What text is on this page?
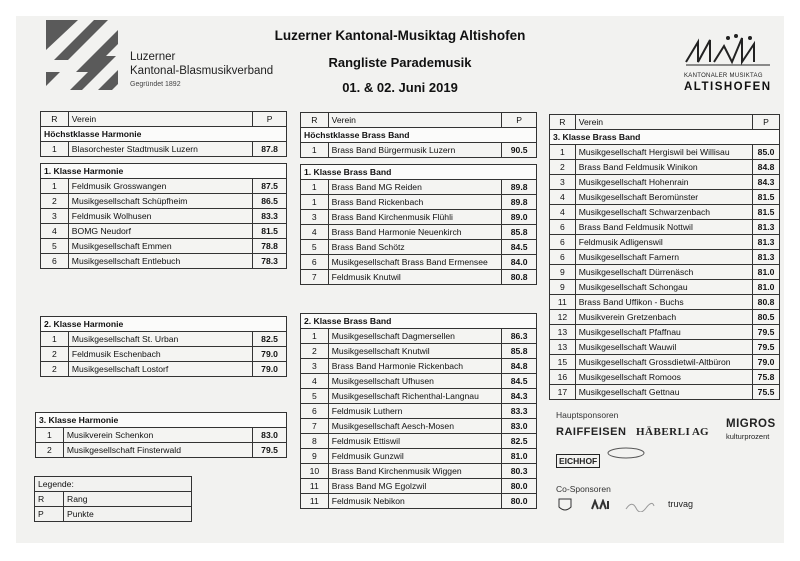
Luzerner
Kantonal-Blasmusikverband
Gegründet 1892
Luzerner Kantonal-Musiktag Altishofen
Rangliste Parademusik
01. & 02. Juni 2019
KANTONALER MUSIKTAG
ALTISHOFEN
R	Verein	P
Höchstklasse Harmonie		
1	Blasorchester Stadtmusik Luzern	87.8

1. Klasse Harmonie		
1	Feldmusik Grosswangen	87.5
2	Musikgesellschaft Schüpfheim	86.5
3	Feldmusik Wolhusen	83.3
4	BOMG Neudorf	81.5
5	Musikgesellschaft Emmen	78.8
6	Musikgesellschaft Entlebuch	78.3
2. Klasse Harmonie		
1	Musikgesellschaft St. Urban	82.5
2	Feldmusik Eschenbach	79.0
2	Musikgesellschaft Lostorf	79.0
3. Klasse Harmonie		
1	Musikverein Schenkon	83.0
2	Musikgesellschaft Finsterwald	79.5
R	Verein	P
Höchstklasse Brass Band		
1	Brass Band Bürgermusik Luzern	90.5

1. Klasse Brass Band		
1	Brass Band MG Reiden	89.8
1	Brass Band Rickenbach	89.8
3	Brass Band Kirchenmusik Flühli	89.0
4	Brass Band Harmonie Neuenkirch	85.8
5	Brass Band Schötz	84.5
6	Musikgesellschaft Brass Band Ermensee	84.0
7	Feldmusik Knutwil	80.8
2. Klasse Brass Band		
1	Musikgesellschaft Dagmersellen	86.3
2	Musikgesellschaft Knutwil	85.8
3	Brass Band Harmonie Rickenbach	84.8
4	Musikgesellschaft Ufhusen	84.5
5	Musikgesellschaft Richenthal-Langnau	84.3
6	Feldmusik Luthern	83.3
7	Musikgesellschaft Aesch-Mosen	83.0
8	Feldmusik Ettiswil	82.5
9	Feldmusik Gunzwil	81.0
10	Brass Band Kirchenmusik Wiggen	80.3
11	Brass Band MG Egolzwil	80.0
11	Feldmusik Nebikon	80.0
R	Verein	P
3. Klasse Brass Band		
1	Musikgesellschaft Hergiswil bei Willisau	85.0
2	Brass Band Feldmusik Winikon	84.8
3	Musikgesellschaft Hohenrain	84.3
4	Musikgesellschaft Beromünster	81.5
4	Musikgesellschaft Schwarzenbach	81.5
6	Brass Band Feldmusik Nottwil	81.3
6	Feldmusik Adligenswil	81.3
6	Musikgesellschaft Farnern	81.3
9	Musikgesellschaft Dürrenäsch	81.0
9	Musikgesellschaft Schongau	81.0
11	Brass Band Uffikon - Buchs	80.8
12	Musikverein Gretzenbach	80.5
13	Musikgesellschaft Pfaffnau	79.5
13	Musikgesellschaft Wauwil	79.5
15	Musikgesellschaft Grossdietwil-Altbüron	79.0
16	Musikgesellschaft Romoos	75.8
17	Musikgesellschaft Gettnau	75.5
Legende:	
R	Rang
P	Punkte
Hauptsponsoren
RAIFFEISEN HÄBERLI AG
MIGROS
kulturprozent
EICHHOF
Co-Sponsoren
truvag
